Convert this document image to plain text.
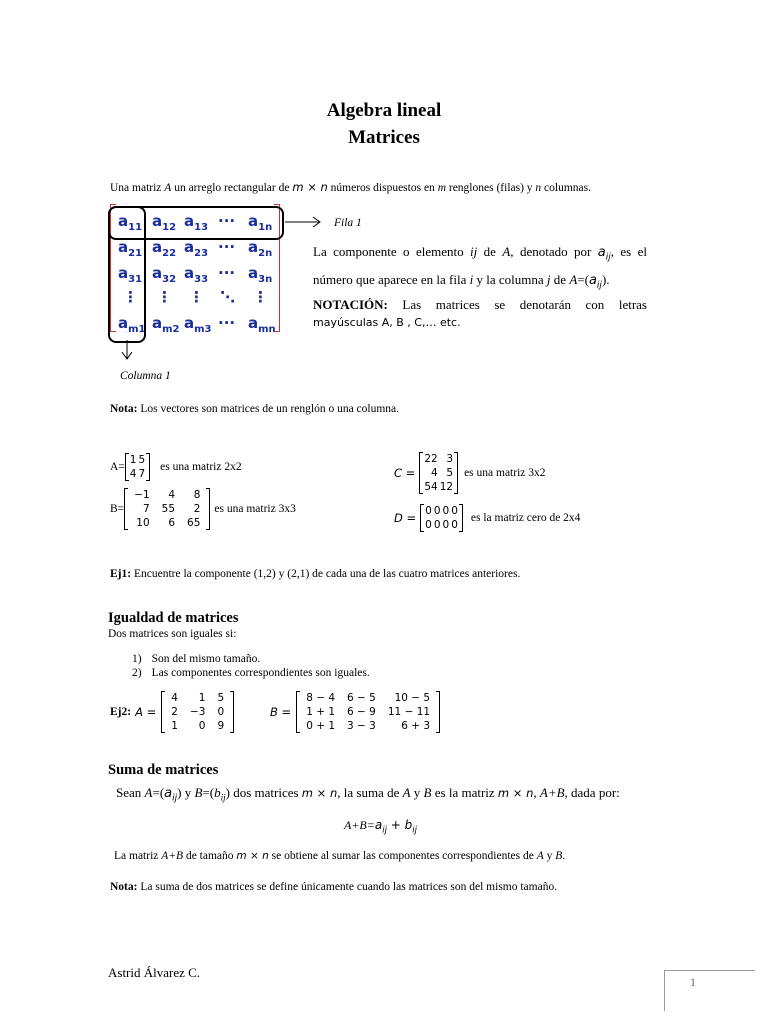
Algebra lineal
Matrices
Una matriz A un arreglo rectangular de m × n números dispuestos en m renglones (filas) y n columnas.
$a_{11}$ $a_{12}$ $a_{13}$ ··· $a_{1n}$
$a_{21}$ $a_{22}$ $a_{23}$ ··· $a_{2n}$
$a_{31}$ $a_{32}$ $a_{33}$ ··· $a_{3n}$
⋮ ⋮ ⋮ ⋱ ⋮
$a_{m1}$ $a_{m2}$ $a_{m3}$ ··· $a_{mn}$
Fila 1
Columna 1
La componente o elemento ij de A, denotado por $a_{ij}$, es el número que aparece en la fila i y la columna j de $A=(a_{ij})$.
NOTACIÓN: Las matrices se denotarán con letras
mayúsculas A, B , C,… etc.
Nota: Los vectores son matrices de un renglón o una columna.
A=
1	5
4	7
es una matriz 2x2
B=
−1	4	8
7	55	2
10	6	65
es una matriz 3x3
C =
22	3
4	5
54	12
es una matriz 3x2
D = 0	0	0	0
0	0	0	0
es la matriz cero de 2x4
Ej1: Encuentre la componente (1,2) y (2,1) de cada una de las cuatro matrices anteriores.
Igualdad de matrices
Dos matrices son iguales si:
1) Son del mismo tamaño.
2) Las componentes correspondientes son iguales.
Ej2: A =
4	1	5
2	−3	0
1	0	9
B =
8 − 4	6 − 5	10 − 5
1 + 1	6 − 9	11 − 11
0 + 1	3 − 3	6 + 3
Suma de matrices
Sean $A=(a_{ij})$ y $B=(b_{ij})$ dos matrices m × n, la suma de A y B es la matriz m × n, A+B, dada por:
$A+B=a_{ij} + b_{ij}$
La matriz A+B de tamaño m × n se obtiene al sumar las componentes correspondientes de A y B.
Nota: La suma de dos matrices se define únicamente cuando las matrices son del mismo tamaño.
Astrid Álvarez C.
1
